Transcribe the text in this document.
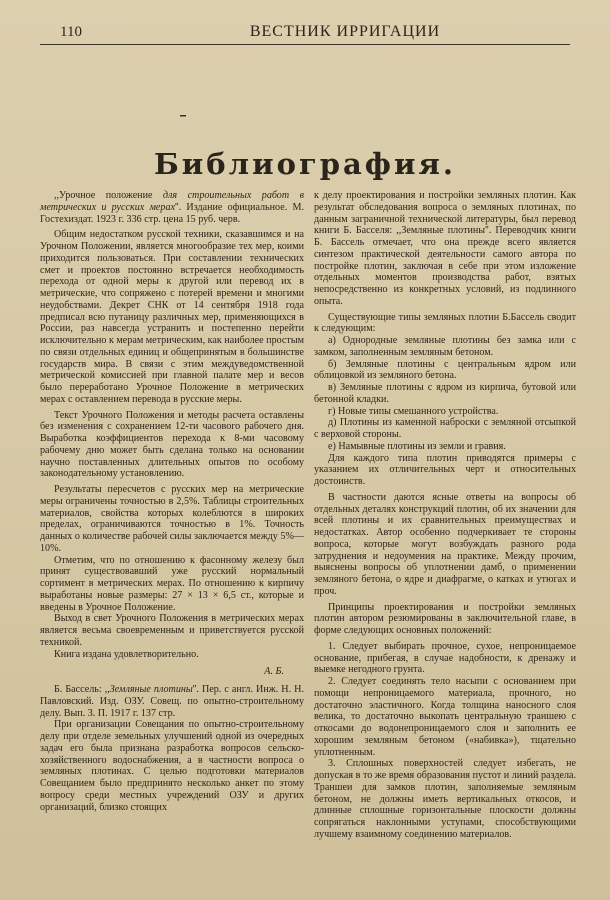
110	ВЕСТНИК ИРРИГАЦИИ
Библиография.

,,Урочное положение для строительных работ в метрических и русских мерах''. Издание официальное. М. Гостехиздат. 1923 г. 336 стр. цена 15 руб. черв.

Общим недостатком русской техники, сказавшимся и на Урочном Положении, является многообразие тех мер, коими приходится пользоваться. При составлении технических смет и проектов постоянно встречается необходимость перехода от одной меры к другой или перевод их в метрические, что сопряжено с потерей времени и многими неудобствами. Декрет СНК от 14 сентября 1918 года предписал всю путаницу различных мер, применяющихся в России, раз навсегда устранить и постепенно перейти исключительно к мерам метрическим, как наиболее простым по связи отдельных единиц и общепринятым в большинстве государств мира. В связи с этим междуведомственной метрической комиссией при главной палате мер и весов было переработано Урочное Положение в метрических мерах с оставлением перевода в русские меры.

Текст Урочного Положения и методы расчета оставлены без изменения с сохранением 12-ти часового рабочего дня. Выработка коэффициентов перехода к 8-ми часовому рабочему дню может быть сделана только на основании научно поставленных длительных опытов по особому законодательному установлению.

Результаты пересчетов с русских мер на метрические меры ограничены точностью в 2,5%. Таблицы строительных материалов, свойства которых колеблются в широких пределах, ограничиваются точностью в 1%. Точность данных о количестве рабочей силы заключается между 5%—10%.

Отметим, что по отношению к фасонному железу был принят существовавший уже русский нормальный сортимент в метрических мерах. По отношению к кирпичу выработаны новые размеры: 27 × 13 × 6,5 ст., которые и введены в Урочное Положение.

Выход в свет Урочного Положения в метрических мерах является весьма своевременным и приветствуется русской техникой.

Книга издана удовлетворительно.

А. Б.

Б. Бассель: ,,Земляные плотины''. Пер. с англ. Инж. Н. Н. Павловский. Изд. ОЗУ. Совещ. по опытно-строительному делу. Вып. 3. П. 1917 г. 137 стр.

При организации Совещания по опытно-строительному делу при отделе земельных улучшений одной из очередных задач его была признана разработка вопросов сельско-хозяйственного водоснабжения, а в частности вопроса о земляных плотинах. С целью подготовки материалов Совещанием было предпринято несколько анкет по этому вопросу среди местных учреждений ОЗУ и других организаций, близко стоящих

к делу проектирования и постройки земляных плотин. Как результат обследования вопроса о земляных плотинах, по данным заграничной технической литературы, был перевод книги Б. Басселя: ,,Земляные плотины''. Переводчик книги Б. Бассель отмечает, что она прежде всего является синтезом практической деятельности самого автора по постройке плотин, заключая в себе при этом изложение отдельных моментов производства работ, взятых непосредственно из конкретных условий, из подлинного опыта.

Существующие типы земляных плотин Б.Бассель сводит к следующим:

а) Однородные земляные плотины без замка или с замком, заполненным земляным бетоном.

б) Земляные плотины с центральным ядром или облицовкой из земляного бетона.

в) Земляные плотины с ядром из кирпича, бутовой или бетонной кладки.

г) Новые типы смешанного устройства.

д) Плотины из каменной наброски с земляной отсыпкой с верховой стороны.

е) Намывные плотины из земли и гравия.

Для каждого типа плотин приводятся примеры с указанием их отличительных черт и относительных достоинств.

В частности даются ясные ответы на вопросы об отдельных деталях конструкций плотин, об их значении для всей плотины и их сравнительных преимуществах и недостатках. Автор особенно подчеркивает те стороны вопроса, которые могут возбуждать разного рода затруднения и недоумения на практике. Между прочим, выяснены вопросы об уплотнении дамб, о применении земляного бетона, о ядре и диафрагме, о катках и утюгах и проч.

Принципы проектирования и постройки земляных плотин автором резюмированы в заключительной главе, в форме следующих основных положений:

1. Следует выбирать прочное, сухое, непроницаемое основание, прибегая, в случае надобности, к дренажу и выемке негодного грунта.

2. Следует соединять тело насыпи с основанием при помощи непроницаемого материала, прочного, но достаточно эластичного. Когда толщина наносного слоя велика, то достаточно выкопать центральную траншею с откосами до водонепроницаемого слоя и заполнить ее хорошим земляным бетоном («набивка»), тщательно уплотненным.

3. Сплошных поверхностей следует избегать, не допуская в то же время образования пустот и линий раздела. Траншеи для замков плотин, заполняемые земляным бетоном, не должны иметь вертикальных откосов, и длинные сплошные горизонтальные плоскости должны сопрягаться наклонными уступами, способствующими лучшему взаимному соединению материалов.
